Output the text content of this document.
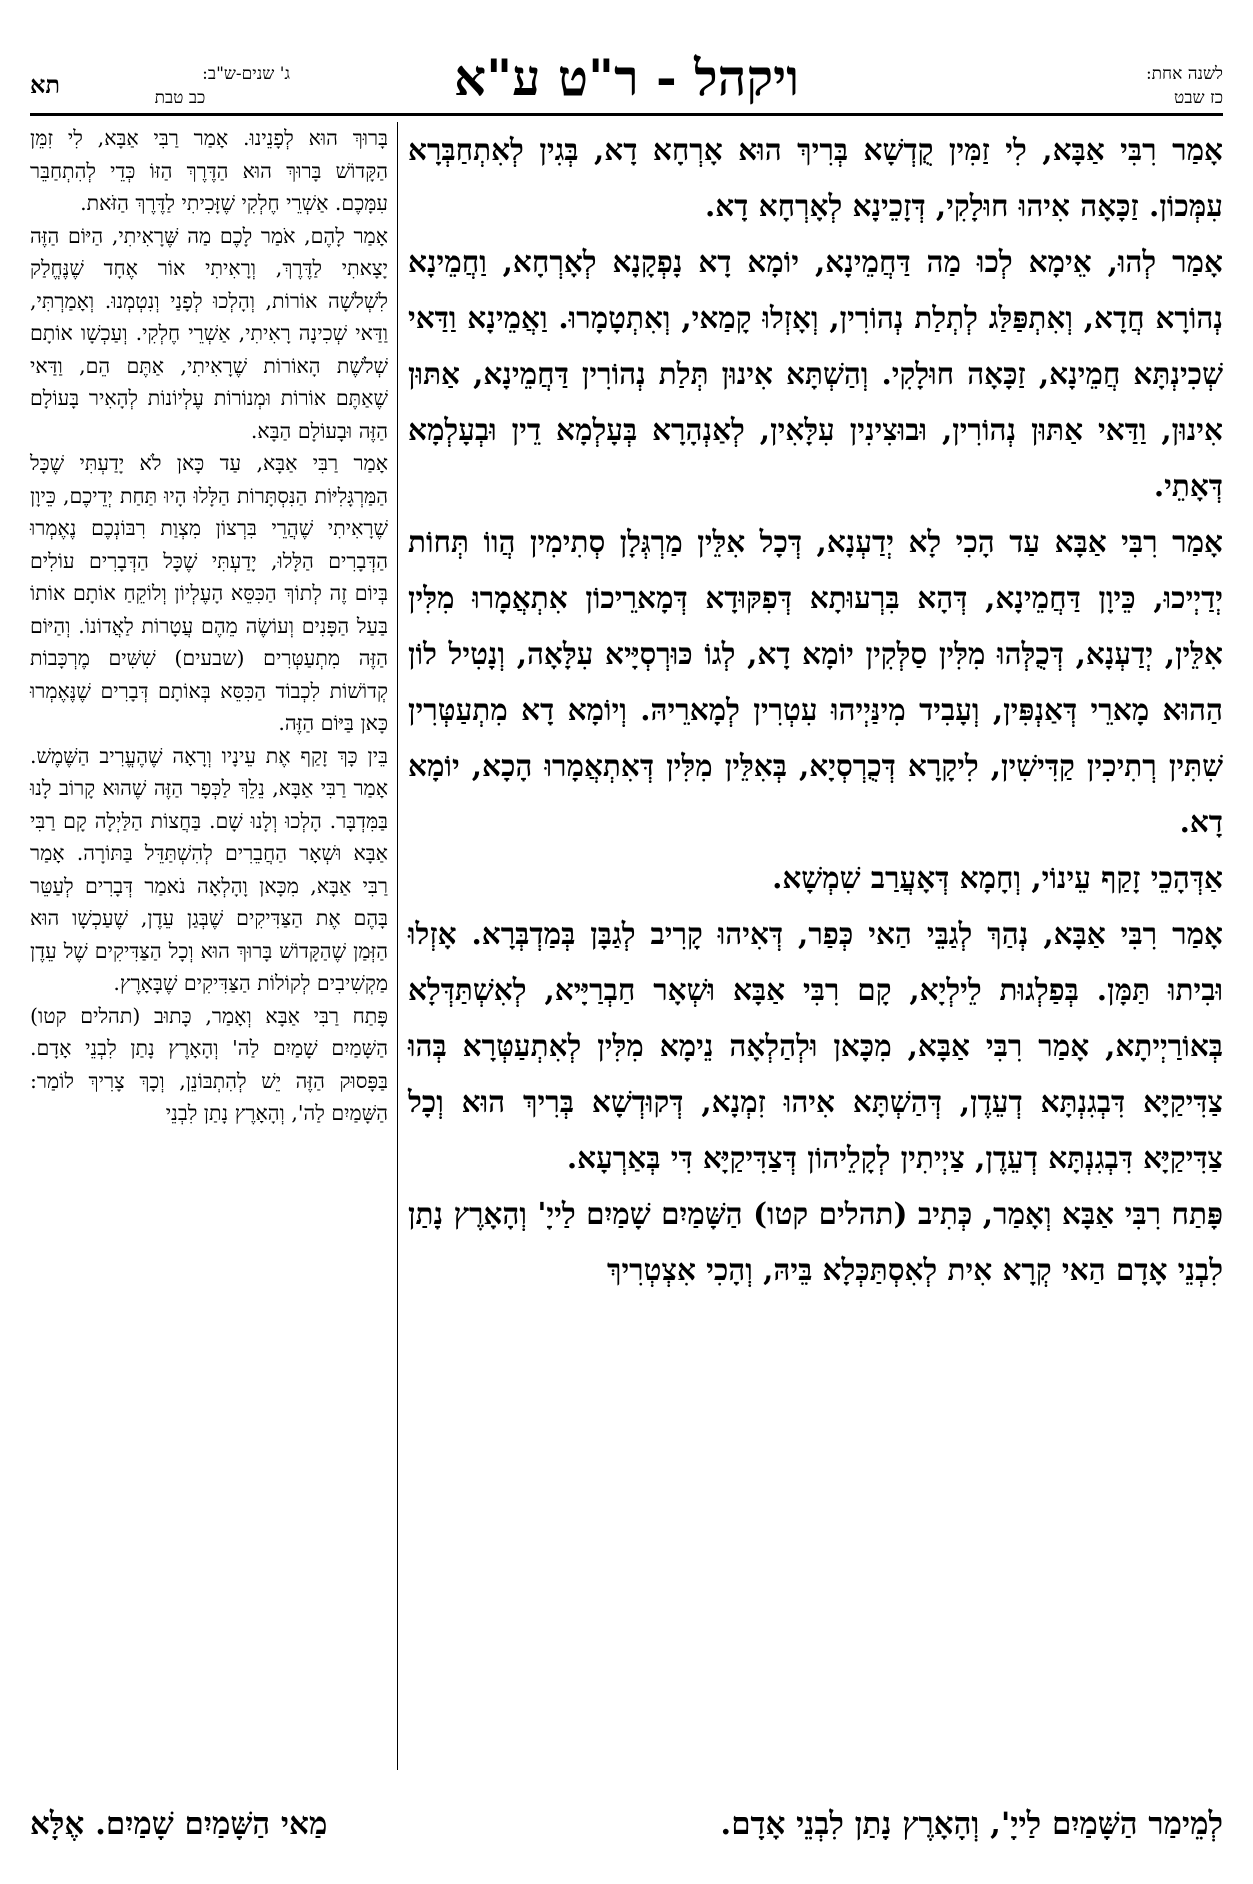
לשנה אחת:
כז שבט
ויקהל - ר"ט ע"א
ג' שנים-ש"ב:
כב טבת
תא

אָמַר רִבִּי אַבָּא, לִי זַמִּין קֻדְשָׁא בְּרִיךְ הוּא אָרְחָא דָא, בְּגִין לְאִתְחַבְּרָא עִמְּכוֹן. זַכָּאָה אִיהוּ חוּלָקִי, דְּזָכֵינָא לְאָרְחָא דָא.

אָמַר לְהוּ, אֵימָא לְכוּ מַה דַּחֲמֵינָא, יוֹמָא דָא נָפְקָנָא לְאָרְחָא, וַחֲמֵינָא נְהוֹרָא חֲדָא, וְאִתְפַּלַּג לְתְלַת נְהוֹרִין, וְאָזְלוּ קָמַאי, וְאִתְטָמָרוּ. וַאֲמֵינָא וַדַּאי שְׁכִינְתָּא חֲמֵינָא, זַכָּאָה חוּלָקִי. וְהַשְׁתָּא אִינוּן תְּלַת נְהוֹרִין דַּחֲמֵינָא, אַתּוּן אִינוּן, וַדַּאי אַתּוּן נְהוֹרִין, וּבוּצִינִין עִלָּאִין, לְאַנְהָרָא בְּעָלְמָא דֵין וּבְעָלְמָא דְּאָתֵי.

אָמַר רִבִּי אַבָּא עַד הָכִי לָא יְדַעְנָא, דְּכָל אִלֵּין מַרְגְּלָן סְתִימִין הֲווֹ תְּחוֹת יְדַיְיכוּ, כֵּיוָן דַּחֲמֵינָא, דְּהָא בִּרְעוּתָא דְּפִקּוּדָא דְּמָארֵיכוֹן אִתְאֲמָרוּ מִלִּין אִלֵּין, יְדַעְנָא, דְּכֻלְּהוּ מִלִּין סַלְּקִין יוֹמָא דָא, לְגוֹ כּוּרְסְיָּיא עִלָּאָה, וְנָטִיל לוֹן הַהוּא מָארֵי דְּאַנְפִּין, וְעָבִיד מִינַּיְיהוּ עִטְרִין לְמָארֵיהּ. וְיוֹמָא דָא מִתְעַטְּרִין שִׁתִּין רְתִיכִין קַדִּישִׁין, לִיקָרָא דְּכֻרְסְיָא, בְּאִלֵּין מִלִּין דְּאִתְאֲמָרוּ הָכָא, יוֹמָא דָא.

אַדְּהָכֵי זָקַף עֵינוֹי, וְחָמָא דְּאָעֲרַב שִׁמְשָׁא.

אָמַר רִבִּי אַבָּא, נְהַךְ לְגַבֵּי הַאי כְּפַר, דְּאִיהוּ קָרִיב לְגַבָּן בְּמַדְבְּרָא. אָזְלוּ וּבִיתוּ תַּמָּן. בְּפַלְגוּת לֵילְיָא, קָם רִבִּי אַבָּא וּשְׁאָר חַבְרַיָּיא, לְאִשְׁתַּדְּלָא בְּאוֹרַיְיתָא, אָמַר רִבִּי אַבָּא, מִכָּאן וּלְהַלְאָה נֵימָא מִלִּין לְאִתְעַטְּרָא בְּהוּ צַדִּיקַיָּא דִּבְגִנְתָּא דְעֵדֶן, דְּהַשְׁתָּא אִיהוּ זִמְנָא, דְּקוּדְשָׁא בְּרִיךְ הוּא וְכָל צַדִּיקַיָּא דִּבְגִנְתָּא דְעֵדֶן, צַיְיתִין לְקָלֵיהוֹן דְּצַדִּיקַיָּא דִּי בְּאַרְעָא.

פָּתַח רִבִּי אַבָּא וְאָמַר, כְּתִיב (תהלים קטו) הַשָּׁמַיִם שָׁמַיִם לַייָ' וְהָאָרֶץ נָתַן לִבְנֵי אָדָם הַאי קְרָא אִית לְאִסְתַּכְּלָא בֵּיהּ, וְהָכִי אִצְטְרִיךְ

בָּרוּךְ הוּא לְפָנֵינוּ. אָמַר רַבִּי אַבָּא, לִי זִמֵּן הַקָּדוֹשׁ בָּרוּךְ הוּא הַדֶּרֶךְ הַזּוֹ כְּדֵי לְהִתְחַבֵּר עִמָּכֶם. אַשְׁרֵי חֶלְקִי שֶׁזָּכִיתִי לַדֶּרֶךְ הַזֹּאת.

אָמַר לָהֶם, אֹמַר לָכֶם מַה שֶּׁרָאִיתִי, הַיּוֹם הַזֶּה יָצָאתִי לַדֶּרֶךְ, וְרָאִיתִי אוֹר אֶחָד שֶׁנֶּחֱלַק לִשְׁלֹשָׁה אוֹרוֹת, וְהָלְכוּ לְפָנַי וְנִטְמְנוּ. וְאָמַרְתִּי, וַדַּאי שְׁכִינָה רָאִיתִי, אַשְׁרֵי חֶלְקִי. וְעַכְשָׁו אוֹתָם שְׁלֹשֶׁת הָאוֹרוֹת שֶׁרָאִיתִי, אַתֶּם הֵם, וַדַּאי שֶׁאַתֶּם אוֹרוֹת וּמְנוֹרוֹת עֶלְיוֹנוֹת לְהָאִיר בָּעוֹלָם הַזֶּה וּבָעוֹלָם הַבָּא.

אָמַר רַבִּי אַבָּא, עַד כָּאן לֹא יָדַעְתִּי שֶׁכָּל הַמַּרְגָּלִיּוֹת הַנִּסְתָּרוֹת הַלָּלוּ הָיוּ תַּחַת יְדֵיכֶם, כֵּיוָן שֶׁרָאִיתִי שֶׁהֲרֵי בִּרְצוֹן מִצְוַת רִבּוֹנְכֶם נֶאֶמְרוּ הַדְּבָרִים הַלָּלוּ, יָדַעְתִּי שֶׁכָּל הַדְּבָרִים עוֹלִים בְּיוֹם זֶה לְתוֹךְ הַכִּסֵּא הָעֶלְיוֹן וְלוֹקֵחַ אוֹתָם אוֹתוֹ בַּעַל הַפָּנִים וְעוֹשֶׂה מֵהֶם עֲטָרוֹת לַאֲדוֹנוֹ. וְהַיּוֹם הַזֶּה מִתְעַטְּרִים (שבעים) שִׁשִּׁים מֶרְכָּבוֹת קְדוֹשׁוֹת לִכְבוֹד הַכִּסֵּא בְּאוֹתָם דְּבָרִים שֶׁנֶּאֶמְרוּ כָּאן בַּיּוֹם הַזֶּה.

בֵּין כָּךְ זָקַף אֶת עֵינָיו וְרָאָה שֶׁהֶעֱרִיב הַשֶּׁמֶשׁ. אָמַר רַבִּי אַבָּא, נֵלֵךְ לַכְּפָר הַזֶּה שֶׁהוּא קָרוֹב לָנוּ בַּמִּדְבָּר. הָלְכוּ וְלָנוּ שָׁם. בַּחֲצוֹת הַלַּיְלָה קָם רַבִּי אַבָּא וּשְׁאָר הַחֲבֵרִים לְהִשְׁתַּדֵּל בַּתּוֹרָה. אָמַר רַבִּי אַבָּא, מִכָּאן וָהָלְאָה נֹאמַר דְּבָרִים לְעַטֵּר בָּהֶם אֶת הַצַּדִּיקִים שֶׁבְּגַן עֵדֶן, שֶׁעַכְשָׁו הוּא הַזְּמַן שֶׁהַקָּדוֹשׁ בָּרוּךְ הוּא וְכָל הַצַּדִּיקִים שֶׁל עֵדֶן מַקְשִׁיבִים לְקוֹלוֹת הַצַּדִּיקִים שֶׁבָּאָרֶץ.

פָּתַח רַבִּי אַבָּא וְאָמַר, כָּתוּב (תהלים קטו) הַשָּׁמַיִם שָׁמַיִם לַה' וְהָאָרֶץ נָתַן לִבְנֵי אָדָם. בַּפָּסוּק הַזֶּה יֵשׁ לְהִתְבּוֹנֵן, וְכָךְ צָרִיךְ לוֹמַר: הַשָּׁמַיִם לַה', וְהָאָרֶץ נָתַן לִבְנֵי

לְמֵימַר הַשָּׁמַיִם לַייָ', וְהָאָרֶץ נָתַן לִבְנֵי אָדָם.
מַאי הַשָּׁמַיִם שָׁמַיִם. אֶלָּא
